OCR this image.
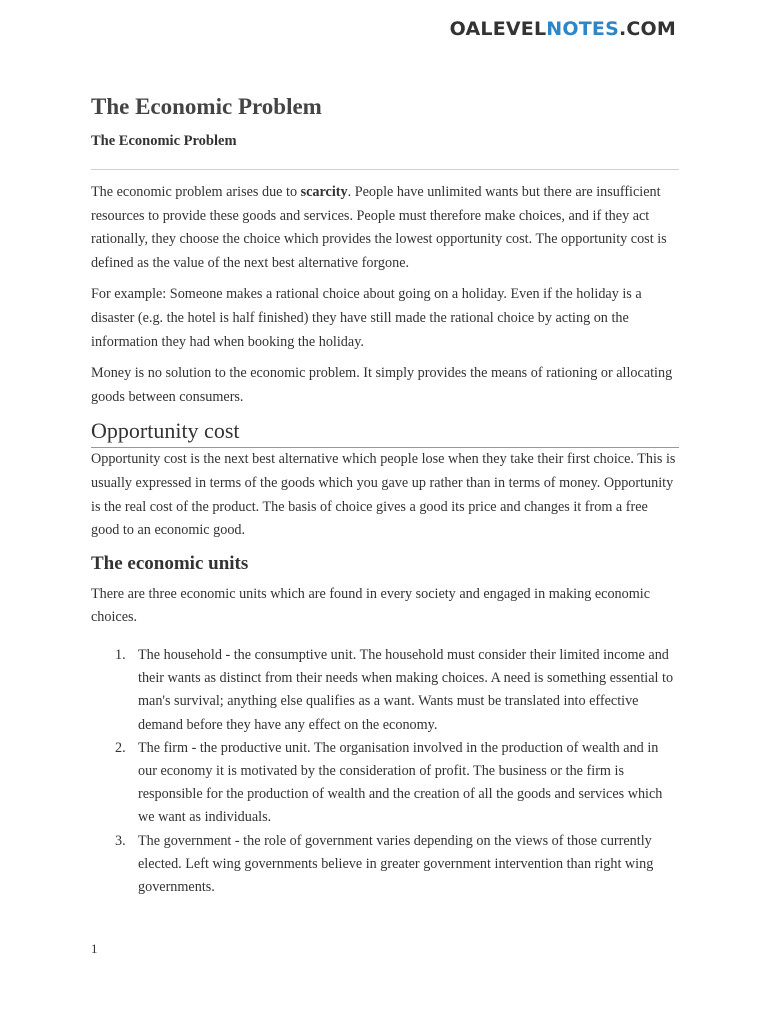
OALEVELNOTES.COM
The Economic Problem
The Economic Problem

The economic problem arises due to scarcity. People have unlimited wants but there are insufficient resources to provide these goods and services. People must therefore make choices, and if they act rationally, they choose the choice which provides the lowest opportunity cost. The opportunity cost is defined as the value of the next best alternative forgone.

For example: Someone makes a rational choice about going on a holiday. Even if the holiday is a disaster (e.g. the hotel is half finished) they have still made the rational choice by acting on the information they had when booking the holiday.

Money is no solution to the economic problem. It simply provides the means of rationing or allocating goods between consumers.

Opportunity cost

Opportunity cost is the next best alternative which people lose when they take their first choice. This is usually expressed in terms of the goods which you gave up rather than in terms of money. Opportunity is the real cost of the product. The basis of choice gives a good its price and changes it from a free good to an economic good.

The economic units

There are three economic units which are found in every society and engaged in making economic choices.

1. The household - the consumptive unit. The household must consider their limited income and their wants as distinct from their needs when making choices. A need is something essential to man's survival; anything else qualifies as a want. Wants must be translated into effective demand before they have any effect on the economy.
2. The firm - the productive unit. The organisation involved in the production of wealth and in our economy it is motivated by the consideration of profit. The business or the firm is responsible for the production of wealth and the creation of all the goods and services which we want as individuals.
3. The government - the role of government varies depending on the views of those currently elected. Left wing governments believe in greater government intervention than right wing governments.
1
